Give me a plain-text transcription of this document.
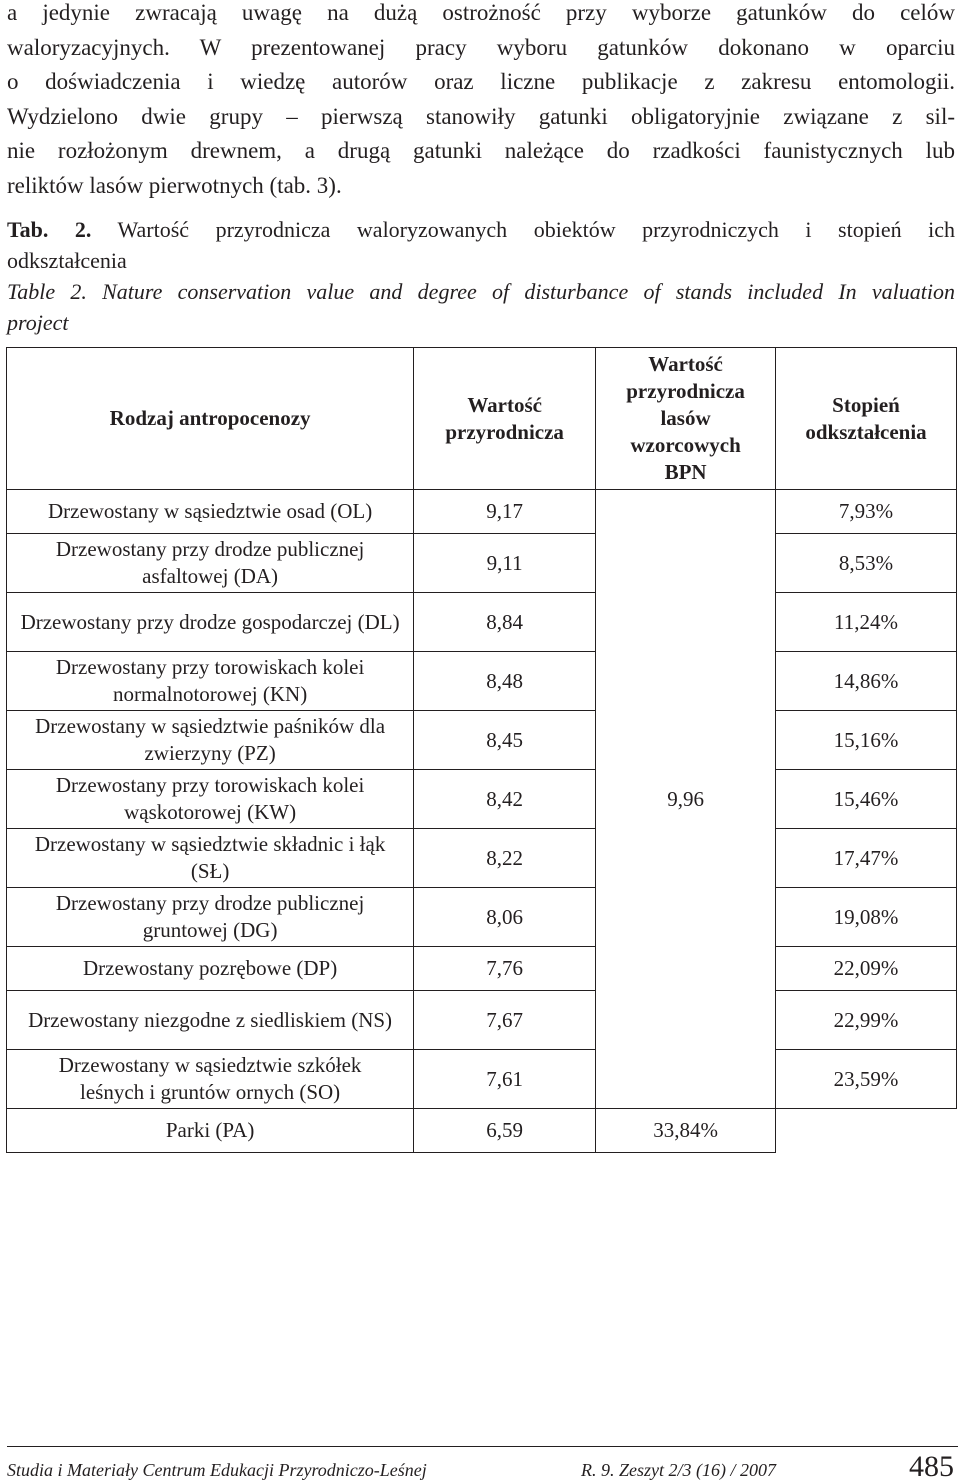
a jedynie zwracają uwagę na dużą ostrożność przy wyborze gatunków do celów
waloryzacyjnych. W prezentowanej pracy wyboru gatunków dokonano w oparciu
o doświadczenia i wiedzę autorów oraz liczne publikacje z zakresu entomologii.
Wydzielono dwie grupy – pierwszą stanowiły gatunki obligatoryjnie związane z sil-
nie rozłożonym drewnem, a drugą gatunki należące do rzadkości faunistycznych lub
reliktów lasów pierwotnych (tab. 3).
Tab. 2. Wartość przyrodnicza waloryzowanych obiektów przyrodniczych i stopień ich
odkształcenia
Table 2. Nature conservation value and degree of disturbance of stands included In valuation
project
Rodzaj antropocenozy	Wartość przyrodnicza	Wartość przyrodnicza lasów wzorcowych BPN	Stopień odkształcenia
Drzewostany w sąsiedztwie osad (OL)	9,17	9,96	7,93%
Drzewostany przy drodze publicznej asfaltowej (DA)	9,11		8,53%
Drzewostany przy drodze gospodarczej (DL)	8,84		11,24%
Drzewostany przy torowiskach kolei normalnotorowej (KN)	8,48		14,86%
Drzewostany w sąsiedztwie paśników dla zwierzyny (PZ)	8,45		15,16%
Drzewostany przy torowiskach kolei wąskotorowej (KW)	8,42		15,46%
Drzewostany w sąsiedztwie składnic i łąk (SŁ)	8,22		17,47%
Drzewostany przy drodze publicznej gruntowej (DG)	8,06		19,08%
Drzewostany pozrębowe (DP)	7,76		22,09%
Drzewostany niezgodne z siedliskiem (NS)	7,67		22,99%
Drzewostany w sąsiedztwie szkółek leśnych i gruntów ornych (SO)	7,61		23,59%
Parki (PA)	6,59	33,84%	
Studia i Materiały Centrum Edukacji Przyrodniczo-Leśnej	R. 9. Zeszyt 2/3 (16) / 2007	485
